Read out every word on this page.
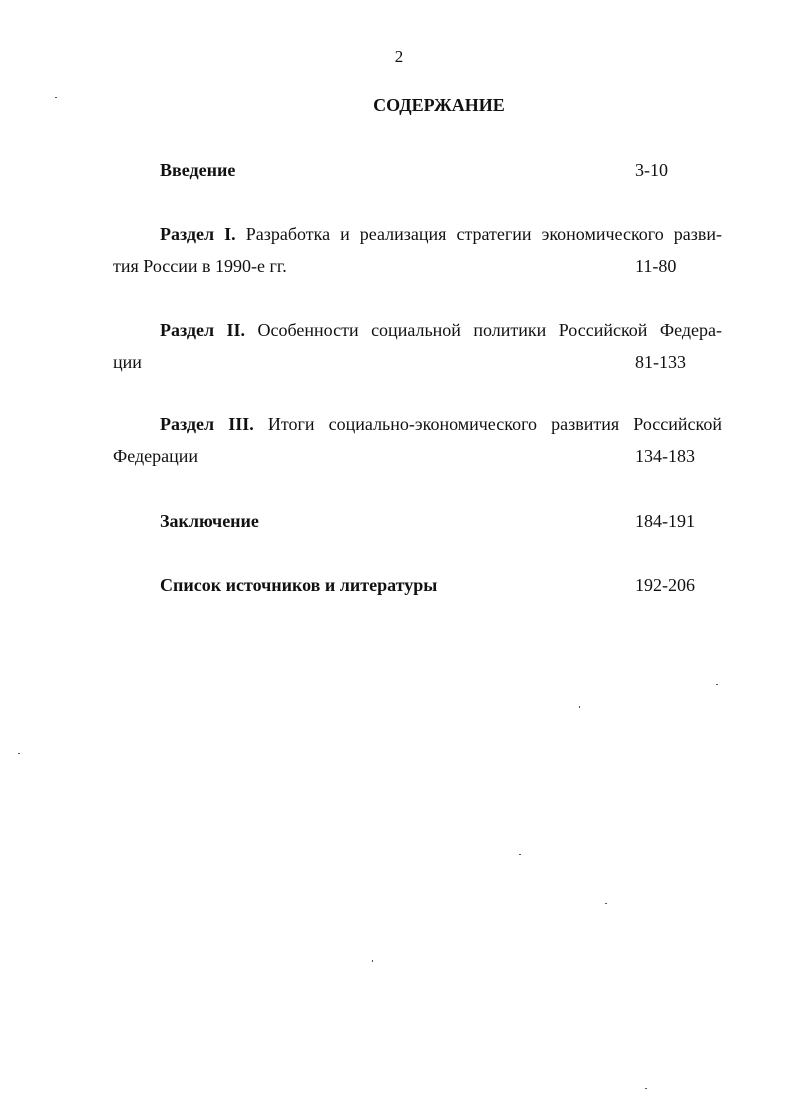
2
СОДЕРЖАНИЕ
Введение	3-10
Раздел I. Разработка и реализация стратегии экономического разви-
тия России в 1990-е гг.	11-80
Раздел II. Особенности социальной политики Российской Федера-
ции	81-133
Раздел III. Итоги социально-экономического развития Российской
Федерации	134-183
Заключение	184-191
Список источников и литературы	192-206
